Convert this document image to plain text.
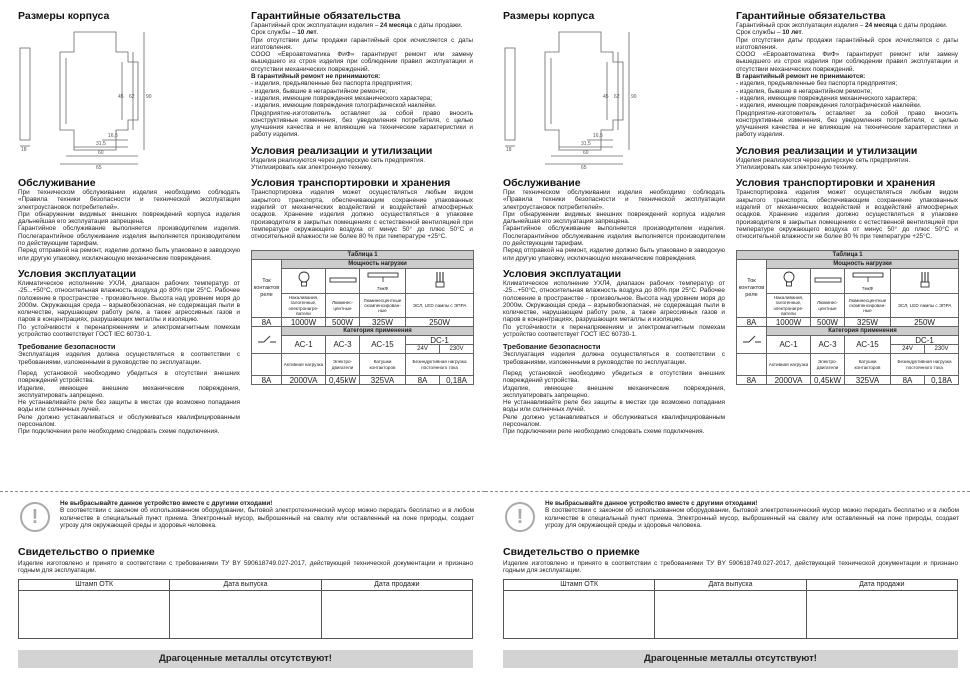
Размеры корпуса
45 62 90
16,5
31,5
60
65
18
Обслуживание
При техническом обслуживании изделия необходимо соблюдать «Правила техники безопасности и технической эксплуатации электроустановок потребителей».
При обнаружении видимых внешних повреждений корпуса изделия дальнейшая его эксплуатация запрещена.
Гарантийное обслуживание выполняется производителем изделия. Послегарантийное обслуживание изделия выполняется производителем по действующим тарифам.
Перед отправкой на ремонт, изделие должно быть упаковано в заводскую или другую упаковку, исключающую механические повреждения.
Условия эксплуатации
Климатическое исполнение УХЛ4, диапазон рабочих температур от -25...+50°С, относительная влажность воздуха до 80% при 25°С. Рабочее положение в пространстве - произвольное. Высота над уровнем моря до 2000м. Окружающая среда – взрывобезопасная, не содержащая пыли в количестве, нарушающем работу реле, а также агрессивных газов и паров в концентрациях, разрушающих металлы и изоляцию.
По устойчивости к перенапряжениям и электромагнитным помехам устройство соответствует ГОСТ IEC 60730-1.
Требование безопасности
Эксплуатация изделия должна осуществляться в соответствии с требованиями, изложенными в руководстве по эксплуатации.
Перед установкой необходимо убедиться в отсутствии внешних повреждений устройства.
Изделие, имеющее внешние механические повреждения, эксплуатировать запрещено.
Не устанавливайте реле без защиты в местах где возможно попадания воды или солнечных лучей.
Реле должно устанавливаться и обслуживаться квалифицированным персоналом.
При подключении реле необходимо следовать схеме подключения.
Гарантийные обязательства
Гарантийный срок эксплуатации изделия – 24 месяца с даты продажи.
Срок службы – 10 лет.
При отсутствии даты продажи гарантийный срок исчисляется с даты изготовления.
СООО «Евроавтоматика ФиФ» гарантирует ремонт или замену вышедшего из строя изделия при соблюдении правил эксплуатации и отсутствии механических повреждений.
В гарантийный ремонт не принимаются:
- изделия, предъявленные без паспорта предприятия;
- изделия, бывшие в негарантийном ремонте;
- изделия, имеющие повреждения механического характера;
- изделия, имеющие повреждения голографической наклейки.
Предприятие-изготовитель оставляет за собой право вносить конструктивные изменения, без уведомления потребителя, с целью улучшения качества и не влияющие на технические характеристики и работу изделия.
Условия реализации и утилизации
Изделия реализуются через дилерскую сеть предприятия.
Утилизировать как электронную технику.
Условия транспортировки и хранения
Транспортировка изделия может осуществляться любым видом закрытого транспорта, обеспечивающим сохранение упакованных изделий от механических воздействий и воздействий атмосферных осадков. Хранение изделия должно осуществляться в упаковке производителя в закрытых помещениях с естественной вентиляцией при температуре окружающего воздуха от минус 50° до плюс 50°С и относительной влажности не более 80 % при температуре +25°С.
Таблица 1					
Ток контактов реле	Мощность нагрузки				

7мкФ

	Накаливания, галогенные, электронагре-ватели	Люминес-центные	Люминесцентные скомпенсирован-ные	ЭСЛ, LED лампы с ЭПРА	
8А	1000W	500W	325W	250W	
	Категория применения				
	АС-1	АС-3	АС-15	DC-1	
				24V	230V
	Активная нагрузка	Электро-двигатели	Катушки контакторов	Безиндуктивная нагрузка постоянного тока	
8А	2000VA	0,45kW	325VA	8А	0,18А
!
Не выбрасывайте данное устройство вместе с другими отходами!
В соответствии с законом об использованном оборудовании, бытовой электротехнический мусор можно передать бесплатно и в любом количестве в специальный пункт приема. Электронный мусор, выброшенный на свалку или оставленный на лоне природы, создает угрозу для окружающей среды и здоровья человека.
Свидетельство о приемке
Изделие изготовлено и принято в соответствии с требованиями ТУ BY 590618749.027-2017, действующей технической документации и признано годным для эксплуатации.
Штамп ОТК	Дата выпуска	Дата продажи

Драгоценные металлы отсутствуют!
Размеры корпуса
45 62 90
16,5
31,5
60
65
18
Обслуживание
При техническом обслуживании изделия необходимо соблюдать «Правила техники безопасности и технической эксплуатации электроустановок потребителей».
При обнаружении видимых внешних повреждений корпуса изделия дальнейшая его эксплуатация запрещена.
Гарантийное обслуживание выполняется производителем изделия. Послегарантийное обслуживание изделия выполняется производителем по действующим тарифам.
Перед отправкой на ремонт, изделие должно быть упаковано в заводскую или другую упаковку, исключающую механические повреждения.
Условия эксплуатации
Климатическое исполнение УХЛ4, диапазон рабочих температур от -25...+50°С, относительная влажность воздуха до 80% при 25°С. Рабочее положение в пространстве - произвольное. Высота над уровнем моря до 2000м. Окружающая среда – взрывобезопасная, не содержащая пыли в количестве, нарушающем работу реле, а также агрессивных газов и паров в концентрациях, разрушающих металлы и изоляцию.
По устойчивости к перенапряжениям и электромагнитным помехам устройство соответствует ГОСТ IEC 60730-1.
Требование безопасности
Эксплуатация изделия должна осуществляться в соответствии с требованиями, изложенными в руководстве по эксплуатации.
Перед установкой необходимо убедиться в отсутствии внешних повреждений устройства.
Изделие, имеющее внешние механические повреждения, эксплуатировать запрещено.
Не устанавливайте реле без защиты в местах где возможно попадания воды или солнечных лучей.
Реле должно устанавливаться и обслуживаться квалифицированным персоналом.
При подключении реле необходимо следовать схеме подключения.
Гарантийные обязательства
Гарантийный срок эксплуатации изделия – 24 месяца с даты продажи.
Срок службы – 10 лет.
При отсутствии даты продажи гарантийный срок исчисляется с даты изготовления.
СООО «Евроавтоматика ФиФ» гарантирует ремонт или замену вышедшего из строя изделия при соблюдении правил эксплуатации и отсутствии механических повреждений.
В гарантийный ремонт не принимаются:
- изделия, предъявленные без паспорта предприятия;
- изделия, бывшие в негарантийном ремонте;
- изделия, имеющие повреждения механического характера;
- изделия, имеющие повреждения голографической наклейки.
Предприятие-изготовитель оставляет за собой право вносить конструктивные изменения, без уведомления потребителя, с целью улучшения качества и не влияющие на технические характеристики и работу изделия.
Условия реализации и утилизации
Изделия реализуются через дилерскую сеть предприятия.
Утилизировать как электронную технику.
Условия транспортировки и хранения
Транспортировка изделия может осуществляться любым видом закрытого транспорта, обеспечивающим сохранение упакованных изделий от механических воздействий и воздействий атмосферных осадков. Хранение изделия должно осуществляться в упаковке производителя в закрытых помещениях с естественной вентиляцией при температуре окружающего воздуха от минус 50° до плюс 50°С и относительной влажности не более 80 % при температуре +25°С.
Таблица 1					
Ток контактов реле	Мощность нагрузки				

7мкФ

	Накаливания, галогенные, электронагре-ватели	Люминес-центные	Люминесцентные скомпенсирован-ные	ЭСЛ, LED лампы с ЭПРА	
8А	1000W	500W	325W	250W	
	Категория применения				
	АС-1	АС-3	АС-15	DC-1	
				24V	230V
	Активная нагрузка	Электро-двигатели	Катушки контакторов	Безиндуктивная нагрузка постоянного тока	
8А	2000VA	0,45kW	325VA	8А	0,18А
!
Не выбрасывайте данное устройство вместе с другими отходами!
В соответствии с законом об использованном оборудовании, бытовой электротехнический мусор можно передать бесплатно и в любом количестве в специальный пункт приема. Электронный мусор, выброшенный на свалку или оставленный на лоне природы, создает угрозу для окружающей среды и здоровья человека.
Свидетельство о приемке
Изделие изготовлено и принято в соответствии с требованиями ТУ BY 590618749.027-2017, действующей технической документации и признано годным для эксплуатации.
Штамп ОТК	Дата выпуска	Дата продажи

Драгоценные металлы отсутствуют!
